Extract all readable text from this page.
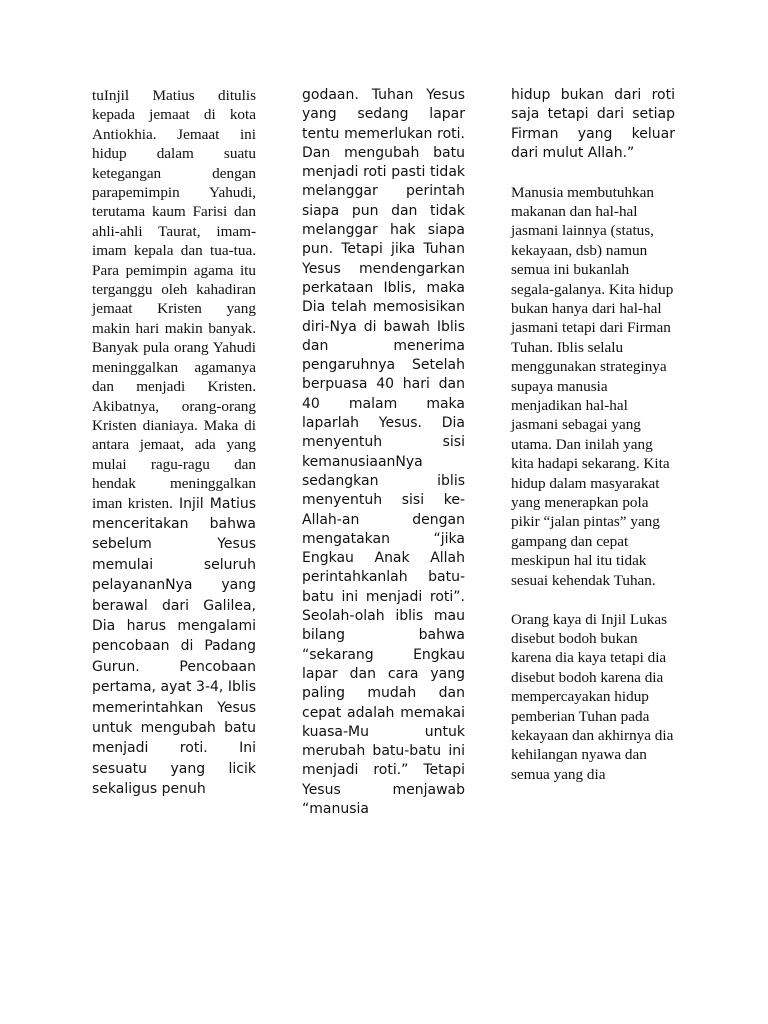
tuInjil Matius ditulis kepada jemaat di kota Antiokhia. Jemaat ini hidup dalam suatu ketegangan dengan parapemimpin Yahudi, terutama kaum Farisi dan ahli-ahli Taurat, imam-imam kepala dan tua-tua. Para pemimpin agama itu terganggu oleh kahadiran jemaat Kristen yang makin hari makin banyak. Banyak pula orang Yahudi meninggalkan agamanya dan menjadi Kristen. Akibatnya, orang-orang Kristen dianiaya. Maka di antara jemaat, ada yang mulai ragu-ragu dan hendak meninggalkan iman kristen. Injil Matius menceritakan bahwa sebelum Yesus memulai seluruh pelayananNya yang berawal dari Galilea, Dia harus mengalami pencobaan di Padang Gurun. Pencobaan pertama, ayat 3-4, Iblis memerintahkan Yesus untuk mengubah batu menjadi roti. Ini sesuatu yang licik sekaligus penuh

godaan. Tuhan Yesus yang sedang lapar tentu memerlukan roti. Dan mengubah batu menjadi roti pasti tidak melanggar perintah siapa pun dan tidak melanggar hak siapa pun. Tetapi jika Tuhan Yesus mendengarkan perkataan Iblis, maka Dia telah memosisikan diri-Nya di bawah Iblis dan menerima pengaruhnya Setelah berpuasa 40 hari dan 40 malam maka laparlah Yesus. Dia menyentuh sisi kemanusiaanNya sedangkan iblis menyentuh sisi ke-Allah-an dengan mengatakan “jika Engkau Anak Allah perintahkanlah batu-batu ini menjadi roti”. Seolah-olah iblis mau bilang bahwa “sekarang Engkau lapar dan cara yang paling mudah dan cepat adalah memakai kuasa-Mu untuk merubah batu-batu ini menjadi roti.” Tetapi Yesus menjawab “manusia

hidup bukan dari roti saja tetapi dari setiap Firman yang keluar dari mulut Allah.”

Manusia membutuhkan makanan dan hal-hal jasmani lainnya (status, kekayaan, dsb) namun semua ini bukanlah segala-galanya. Kita hidup bukan hanya dari hal-hal jasmani tetapi dari Firman Tuhan. Iblis selalu menggunakan strateginya supaya manusia menjadikan hal-hal jasmani sebagai yang utama. Dan inilah yang kita hadapi sekarang. Kita hidup dalam masyarakat yang menerapkan pola pikir “jalan pintas” yang gampang dan cepat meskipun hal itu tidak sesuai kehendak Tuhan.

Orang kaya di Injil Lukas disebut bodoh bukan karena dia kaya tetapi dia disebut bodoh karena dia mempercayakan hidup pemberian Tuhan pada kekayaan dan akhirnya dia kehilangan nyawa dan semua yang dia
